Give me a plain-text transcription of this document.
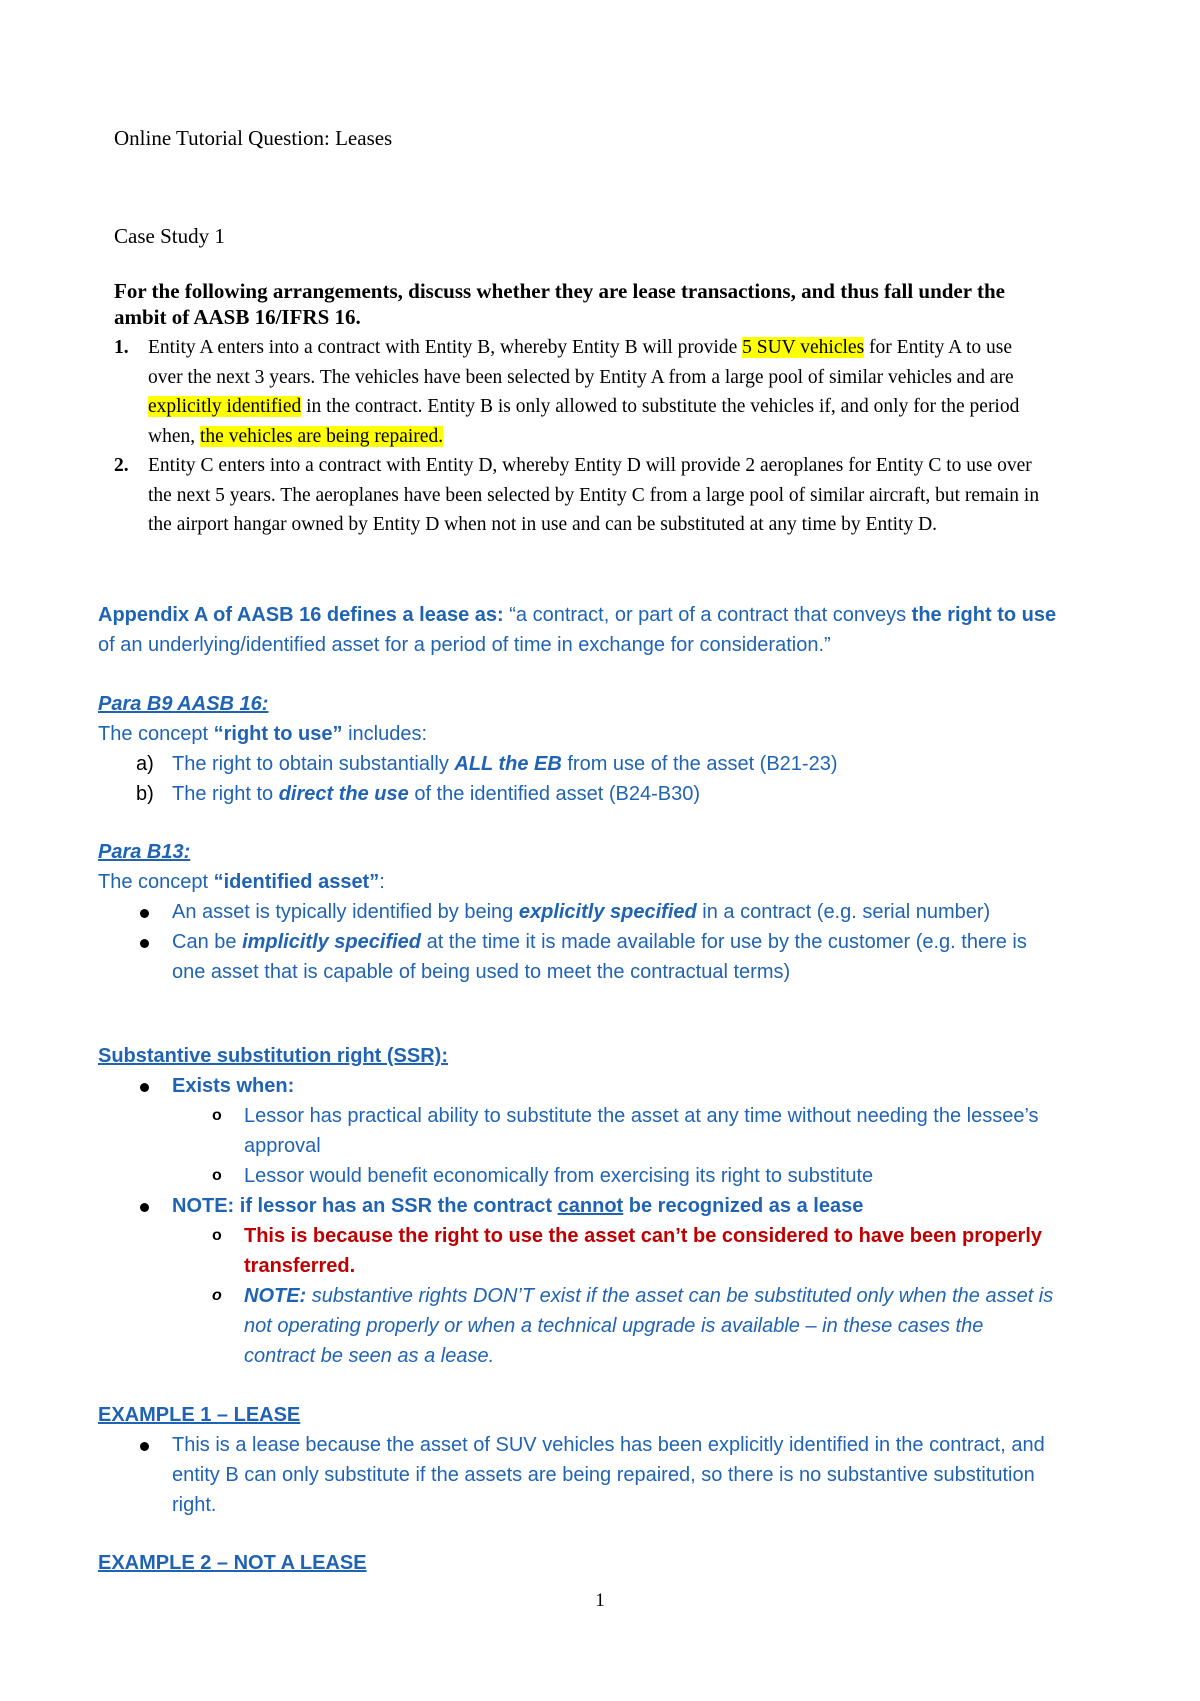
Online Tutorial Question: Leases
Case Study 1
For the following arrangements, discuss whether they are lease transactions, and thus fall under the ambit of AASB 16/IFRS 16.
1. Entity A enters into a contract with Entity B, whereby Entity B will provide 5 SUV vehicles for Entity A to use over the next 3 years. The vehicles have been selected by Entity A from a large pool of similar vehicles and are explicitly identified in the contract. Entity B is only allowed to substitute the vehicles if, and only for the period when, the vehicles are being repaired.
2. Entity C enters into a contract with Entity D, whereby Entity D will provide 2 aeroplanes for Entity C to use over the next 5 years. The aeroplanes have been selected by Entity C from a large pool of similar aircraft, but remain in the airport hangar owned by Entity D when not in use and can be substituted at any time by Entity D.
Appendix A of AASB 16 defines a lease as: “a contract, or part of a contract that conveys the right to use of an underlying/identified asset for a period of time in exchange for consideration.”
Para B9 AASB 16:
The concept “right to use” includes:
a) The right to obtain substantially ALL the EB from use of the asset (B21-23)
b) The right to direct the use of the identified asset (B24-B30)
Para B13:
The concept “identified asset”:
An asset is typically identified by being explicitly specified in a contract (e.g. serial number)
Can be implicitly specified at the time it is made available for use by the customer (e.g. there is one asset that is capable of being used to meet the contractual terms)
Substantive substitution right (SSR):
Exists when:
o Lessor has practical ability to substitute the asset at any time without needing the lessee’s approval
o Lessor would benefit economically from exercising its right to substitute
NOTE: if lessor has an SSR the contract cannot be recognized as a lease
o This is because the right to use the asset can’t be considered to have been properly transferred.
o NOTE: substantive rights DON’T exist if the asset can be substituted only when the asset is not operating properly or when a technical upgrade is available – in these cases the contract be seen as a lease.
EXAMPLE 1 – LEASE
This is a lease because the asset of SUV vehicles has been explicitly identified in the contract, and entity B can only substitute if the assets are being repaired, so there is no substantive substitution right.
EXAMPLE 2 – NOT A LEASE
1
